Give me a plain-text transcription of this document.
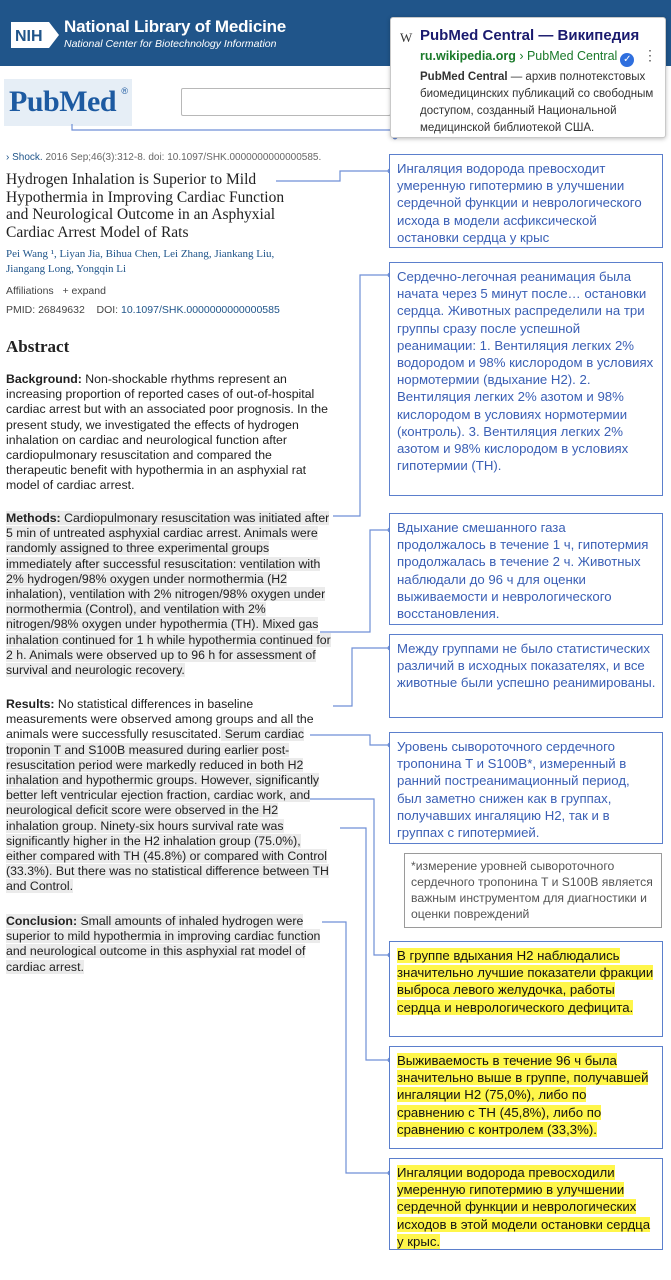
NIH
National Library of Medicine
National Center for Biotechnology Information
PubMed ®
W PubMed Central — Википедия
ru.wikipedia.org › PubMed Central ✓ ⋮
PubMed Central — архив полнотекстовых биомедицинских публикаций со свободным доступом, созданный Национальной медицинской библиотекой США.
› Shock. 2016 Sep;46(3):312-8. doi: 10.1097/SHK.0000000000000585.
Hydrogen Inhalation is Superior to Mild Hypothermia in Improving Cardiac Function and Neurological Outcome in an Asphyxial Cardiac Arrest Model of Rats
Pei Wang ¹, Liyan Jia, Bihua Chen, Lei Zhang, Jiankang Liu, Jiangang Long, Yongqin Li
Affiliations + expand
PMID: 26849632 DOI: 10.1097/SHK.0000000000000585
Abstract
Background: Non-shockable rhythms represent an increasing proportion of reported cases of out-of-hospital cardiac arrest but with an associated poor prognosis. In the present study, we investigated the effects of hydrogen inhalation on cardiac and neurological function after cardiopulmonary resuscitation and compared the therapeutic benefit with hypothermia in an asphyxial rat model of cardiac arrest.
Methods: Cardiopulmonary resuscitation was initiated after 5 min of untreated asphyxial cardiac arrest. Animals were randomly assigned to three experimental groups immediately after successful resuscitation: ventilation with 2% hydrogen/98% oxygen under normothermia (H2 inhalation), ventilation with 2% nitrogen/98% oxygen under normothermia (Control), and ventilation with 2% nitrogen/98% oxygen under hypothermia (TH). Mixed gas inhalation continued for 1 h while hypothermia continued for 2 h. Animals were observed up to 96 h for assessment of survival and neurologic recovery.
Results: No statistical differences in baseline measurements were observed among groups and all the animals were successfully resuscitated. Serum cardiac troponin T and S100B measured during earlier post-resuscitation period were markedly reduced in both H2 inhalation and hypothermic groups. However, significantly better left ventricular ejection fraction, cardiac work, and neurological deficit score were observed in the H2 inhalation group. Ninety-six hours survival rate was significantly higher in the H2 inhalation group (75.0%), either compared with TH (45.8%) or compared with Control (33.3%). But there was no statistical difference between TH and Control.
Conclusion: Small amounts of inhaled hydrogen were superior to mild hypothermia in improving cardiac function and neurological outcome in this asphyxial rat model of cardiac arrest.
Ингаляция водорода превосходит умеренную гипотермию в улучшении сердечной функции и неврологического исхода в модели асфиксической остановки сердца у крыс
Сердечно-легочная реанимация была начата через 5 минут после… остановки сердца. Животных распределили на три группы сразу после успешной реанимации: 1. Вентиляция легких 2% водородом и 98% кислородом в условиях нормотермии (вдыхание H2). 2. Вентиляция легких 2% азотом и 98% кислородом в условиях нормотермии (контроль). 3. Вентиляция легких 2% азотом и 98% кислородом в условиях гипотермии (TH).
Вдыхание смешанного газа продолжалось в течение 1 ч, гипотермия продолжалась в течение 2 ч. Животных наблюдали до 96 ч для оценки выживаемости и неврологического восстановления.
Между группами не было статистических различий в исходных показателях, и все животные были успешно реанимированы.
Уровень сывороточного сердечного тропонина T и S100B*, измеренный в ранний постреанимационный период, был заметно снижен как в группах, получавших ингаляцию H2, так и в группах с гипотермией.
*измерение уровней сывороточного сердечного тропонина T и S100B является важным инструментом для диагностики и оценки повреждений
В группе вдыхания H2 наблюдались значительно лучшие показатели фракции выброса левого желудочка, работы сердца и неврологического дефицита.
Выживаемость в течение 96 ч была значительно выше в группе, получавшей ингаляции H2 (75,0%), либо по сравнению с TH (45,8%), либо по сравнению с контролем (33,3%).
Ингаляции водорода превосходили умеренную гипотермию в улучшении сердечной функции и неврологических исходов в этой модели остановки сердца у крыс.
